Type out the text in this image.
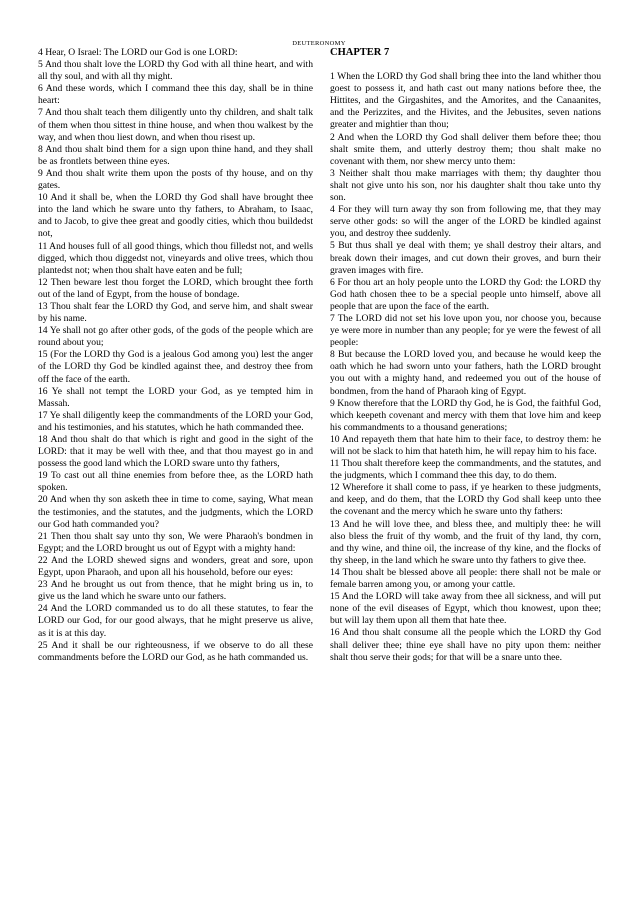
DEUTERONOMY

4 Hear, O Israel: The LORD our God is one LORD:

5 And thou shalt love the LORD thy God with all thine heart, and with all thy soul, and with all thy might.

6 And these words, which I command thee this day, shall be in thine heart:

7 And thou shalt teach them diligently unto thy children, and shalt talk of them when thou sittest in thine house, and when thou walkest by the way, and when thou liest down, and when thou risest up.

8 And thou shalt bind them for a sign upon thine hand, and they shall be as frontlets between thine eyes.

9 And thou shalt write them upon the posts of thy house, and on thy gates.

10 And it shall be, when the LORD thy God shall have brought thee into the land which he sware unto thy fathers, to Abraham, to Isaac, and to Jacob, to give thee great and goodly cities, which thou buildedst not,

11 And houses full of all good things, which thou filledst not, and wells digged, which thou diggedst not, vineyards and olive trees, which thou plantedst not; when thou shalt have eaten and be full;

12 Then beware lest thou forget the LORD, which brought thee forth out of the land of Egypt, from the house of bondage.

13 Thou shalt fear the LORD thy God, and serve him, and shalt swear by his name.

14 Ye shall not go after other gods, of the gods of the people which are round about you;

15 (For the LORD thy God is a jealous God among you) lest the anger of the LORD thy God be kindled against thee, and destroy thee from off the face of the earth.

16 Ye shall not tempt the LORD your God, as ye tempted him in Massah.

17 Ye shall diligently keep the commandments of the LORD your God, and his testimonies, and his statutes, which he hath commanded thee.

18 And thou shalt do that which is right and good in the sight of the LORD: that it may be well with thee, and that thou mayest go in and possess the good land which the LORD sware unto thy fathers,

19 To cast out all thine enemies from before thee, as the LORD hath spoken.

20 And when thy son asketh thee in time to come, saying, What mean the testimonies, and the statutes, and the judgments, which the LORD our God hath commanded you?

21 Then thou shalt say unto thy son, We were Pharaoh's bondmen in Egypt; and the LORD brought us out of Egypt with a mighty hand:

22 And the LORD shewed signs and wonders, great and sore, upon Egypt, upon Pharaoh, and upon all his household, before our eyes:

23 And he brought us out from thence, that he might bring us in, to give us the land which he sware unto our fathers.

24 And the LORD commanded us to do all these statutes, to fear the LORD our God, for our good always, that he might preserve us alive, as it is at this day.

25 And it shall be our righteousness, if we observe to do all these commandments before the LORD our God, as he hath commanded us.

CHAPTER 7

1 When the LORD thy God shall bring thee into the land whither thou goest to possess it, and hath cast out many nations before thee, the Hittites, and the Girgashites, and the Amorites, and the Canaanites, and the Perizzites, and the Hivites, and the Jebusites, seven nations greater and mightier than thou;

2 And when the LORD thy God shall deliver them before thee; thou shalt smite them, and utterly destroy them; thou shalt make no covenant with them, nor shew mercy unto them:

3 Neither shalt thou make marriages with them; thy daughter thou shalt not give unto his son, nor his daughter shalt thou take unto thy son.

4 For they will turn away thy son from following me, that they may serve other gods: so will the anger of the LORD be kindled against you, and destroy thee suddenly.

5 But thus shall ye deal with them; ye shall destroy their altars, and break down their images, and cut down their groves, and burn their graven images with fire.

6 For thou art an holy people unto the LORD thy God: the LORD thy God hath chosen thee to be a special people unto himself, above all people that are upon the face of the earth.

7 The LORD did not set his love upon you, nor choose you, because ye were more in number than any people; for ye were the fewest of all people:

8 But because the LORD loved you, and because he would keep the oath which he had sworn unto your fathers, hath the LORD brought you out with a mighty hand, and redeemed you out of the house of bondmen, from the hand of Pharaoh king of Egypt.

9 Know therefore that the LORD thy God, he is God, the faithful God, which keepeth covenant and mercy with them that love him and keep his commandments to a thousand generations;

10 And repayeth them that hate him to their face, to destroy them: he will not be slack to him that hateth him, he will repay him to his face.

11 Thou shalt therefore keep the commandments, and the statutes, and the judgments, which I command thee this day, to do them.

12 Wherefore it shall come to pass, if ye hearken to these judgments, and keep, and do them, that the LORD thy God shall keep unto thee the covenant and the mercy which he sware unto thy fathers:

13 And he will love thee, and bless thee, and multiply thee: he will also bless the fruit of thy womb, and the fruit of thy land, thy corn, and thy wine, and thine oil, the increase of thy kine, and the flocks of thy sheep, in the land which he sware unto thy fathers to give thee.

14 Thou shalt be blessed above all people: there shall not be male or female barren among you, or among your cattle.

15 And the LORD will take away from thee all sickness, and will put none of the evil diseases of Egypt, which thou knowest, upon thee; but will lay them upon all them that hate thee.

16 And thou shalt consume all the people which the LORD thy God shall deliver thee; thine eye shall have no pity upon them: neither shalt thou serve their gods; for that will be a snare unto thee.
